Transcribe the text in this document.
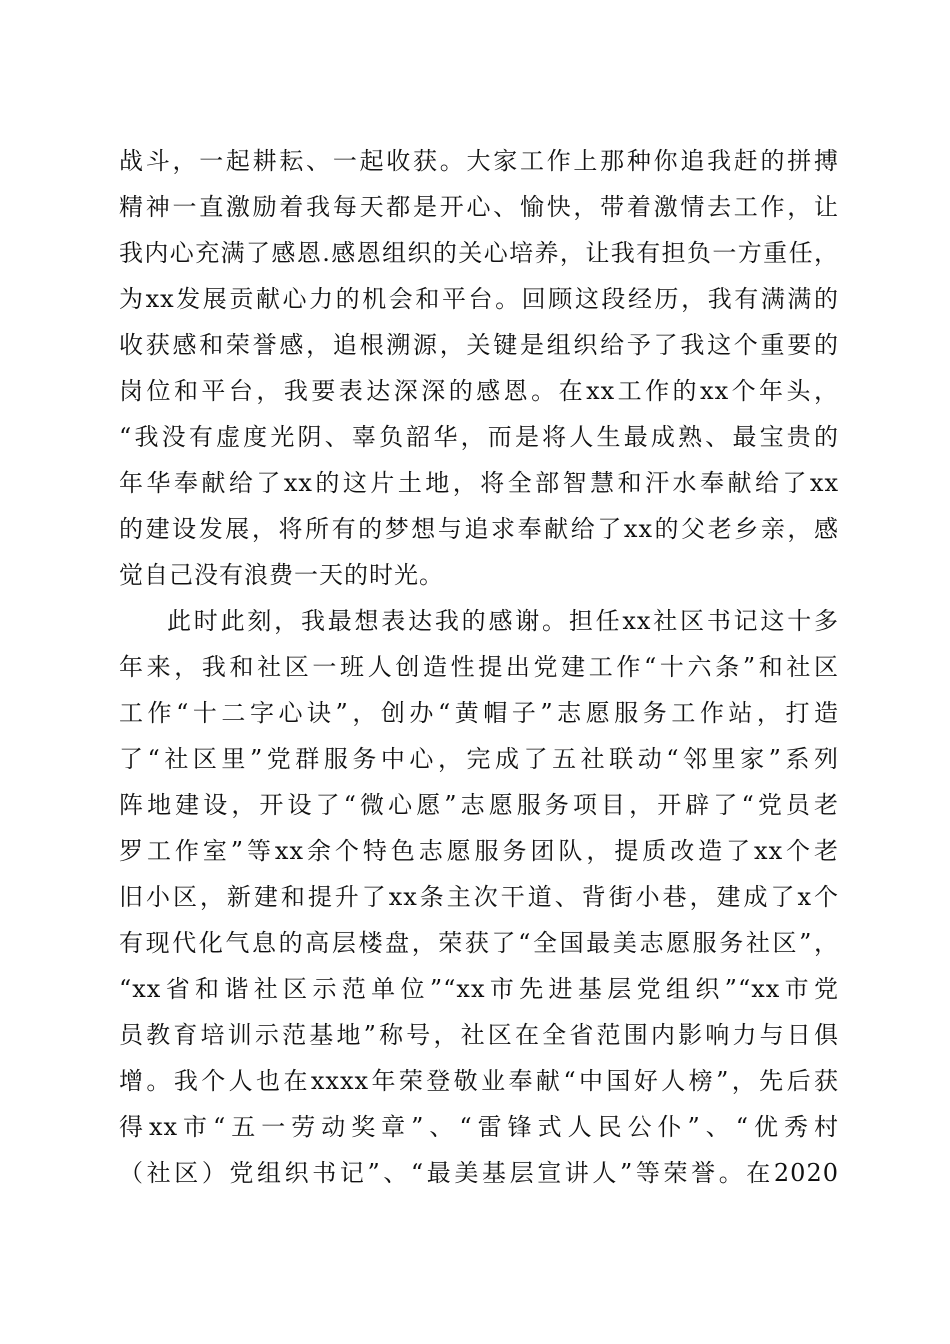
战斗，一起耕耘、一起收获。大家工作上那种你追我赶的拼搏
精神一直激励着我每天都是开心、愉快，带着激情去工作，让
我内心充满了感恩.感恩组织的关心培养，让我有担负一方重任，
为xx发展贡献心力的机会和平台。回顾这段经历，我有满满的
收获感和荣誉感，追根溯源，关键是组织给予了我这个重要的
岗位和平台，我要表达深深的感恩。在xx工作的xx个年头，
“我没有虚度光阴、辜负韶华，而是将人生最成熟、最宝贵的
年华奉献给了xx的这片土地，将全部智慧和汗水奉献给了xx
的建设发展，将所有的梦想与追求奉献给了xx的父老乡亲，感
觉自己没有浪费一天的时光。
此时此刻，我最想表达我的感谢。担任xx社区书记这十多
年来，我和社区一班人创造性提出党建工作“十六条”和社区
工作“十二字心诀”，创办“黄帽子”志愿服务工作站，打造
了“社区里”党群服务中心，完成了五社联动“邻里家”系列
阵地建设，开设了“微心愿”志愿服务项目，开辟了“党员老
罗工作室”等xx余个特色志愿服务团队，提质改造了xx个老
旧小区，新建和提升了xx条主次干道、背街小巷，建成了x个
有现代化气息的高层楼盘，荣获了“全国最美志愿服务社区”，
“xx省和谐社区示范单位”“xx市先进基层党组织”“xx市党
员教育培训示范基地”称号，社区在全省范围内影响力与日俱
增。我个人也在xxxx年荣登敬业奉献“中国好人榜”，先后获
得xx市“五一劳动奖章”、“雷锋式人民公仆”、“优秀村
（社区）党组织书记”、“最美基层宣讲人”等荣誉。在2020
